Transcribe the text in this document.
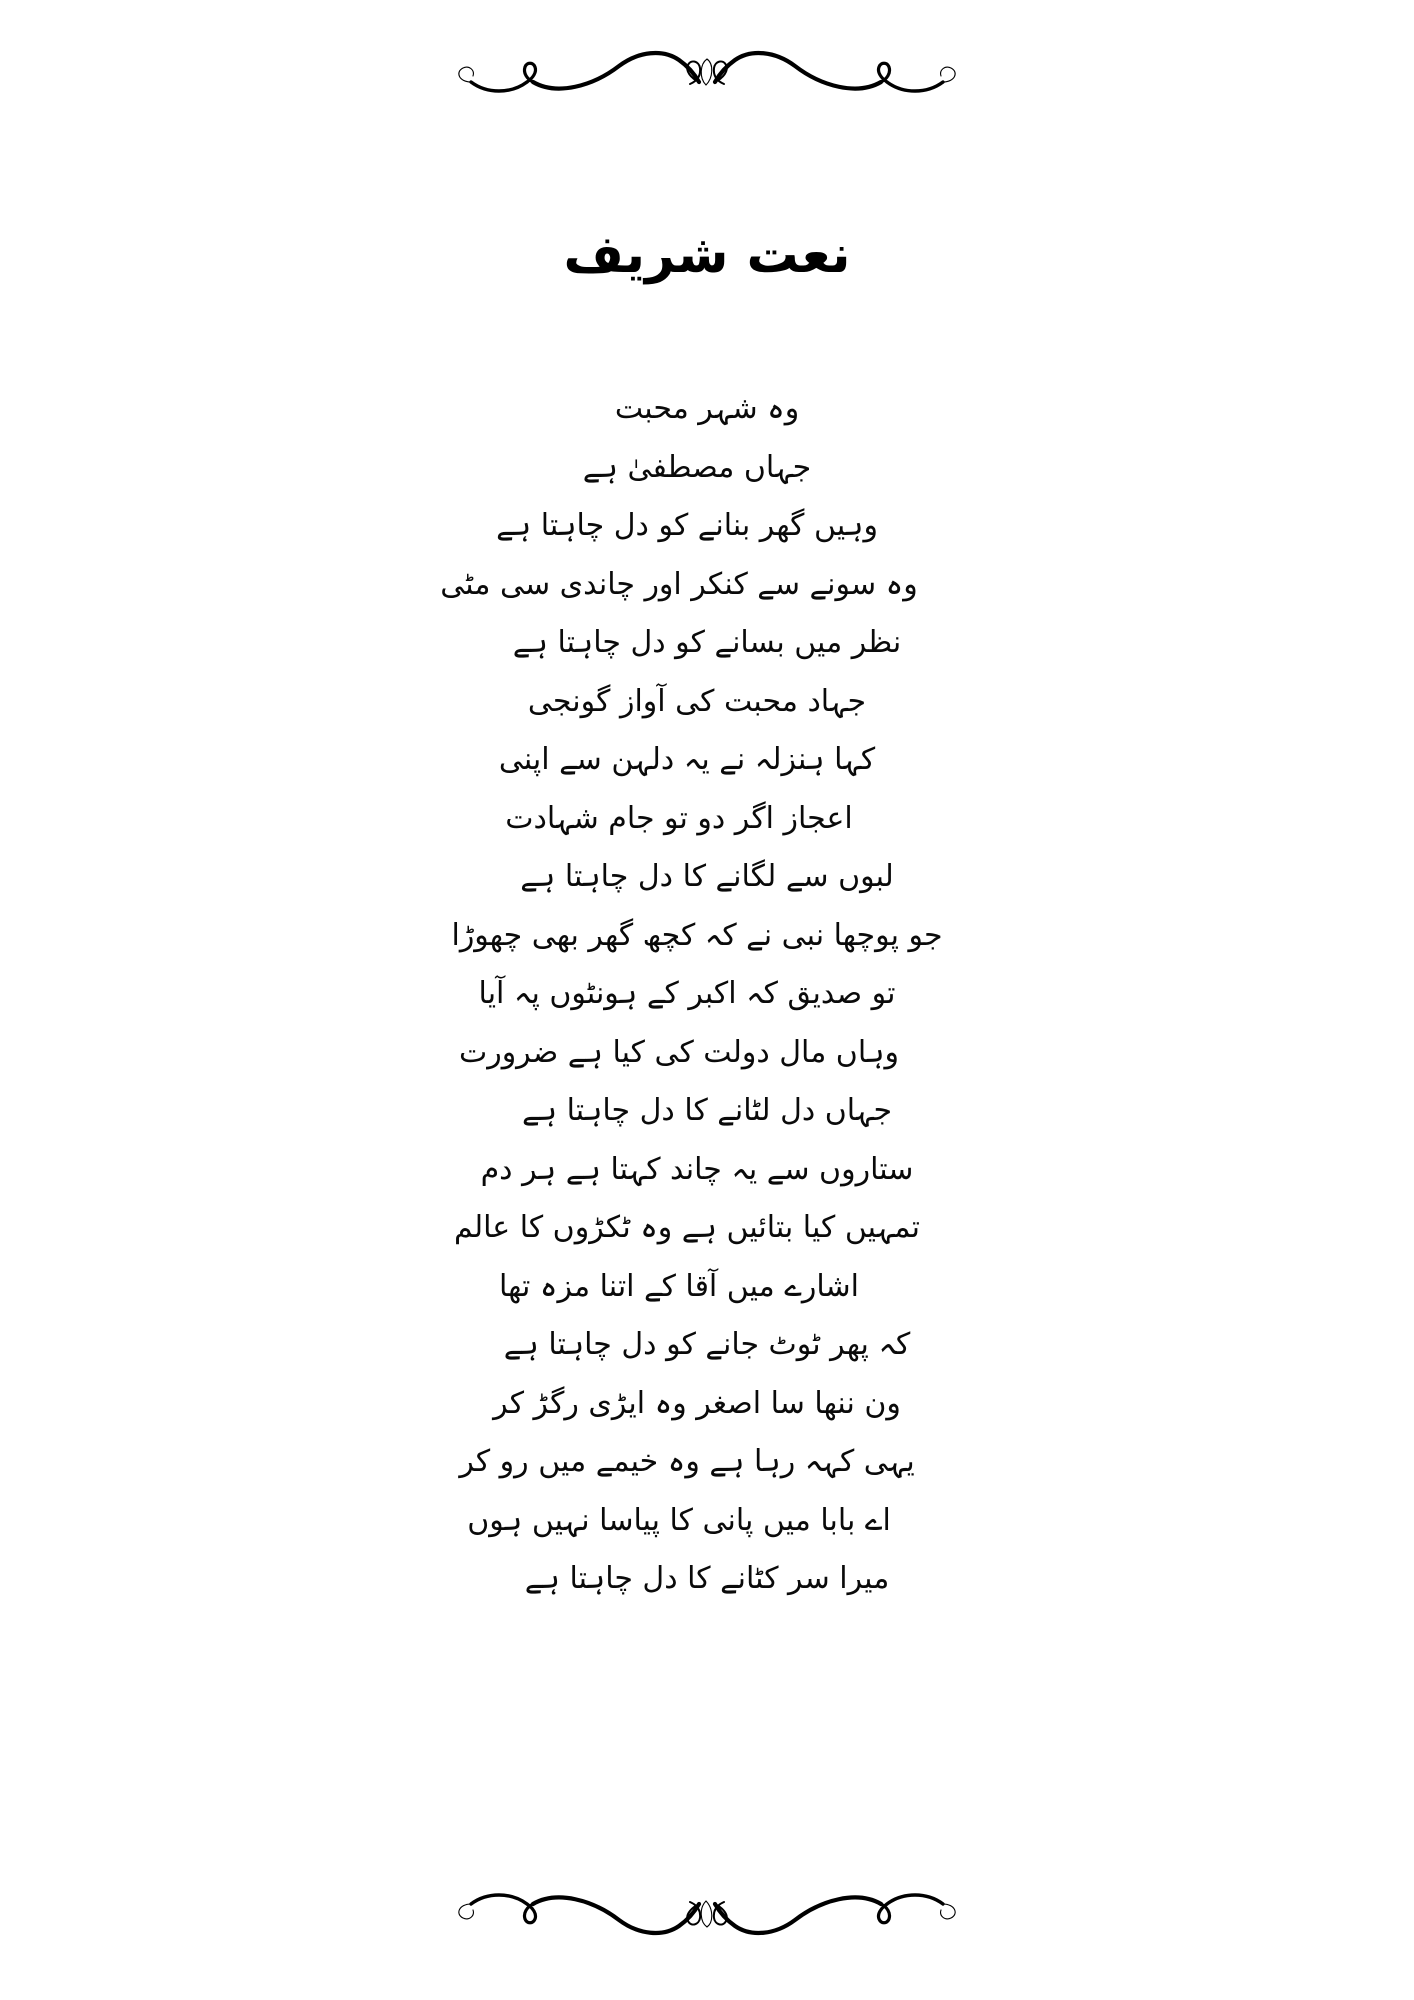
نعت شریف
وہ شہر محبت
جہاں مصطفیٰ ہے
وہیں گھر بنانے کو دل چاہتا ہے
وہ سونے سے کنکر اور چاندی سی مٹی
نظر میں بسانے کو دل چاہتا ہے
جہاد محبت کی آواز گونجی
کہا ہنزلہ نے یہ دلہن سے اپنی
اعجاز اگر دو تو جام شہادت
لبوں سے لگانے کا دل چاہتا ہے
جو پوچھا نبی نے کہ کچھ گھر بھی چھوڑا
تو صدیق کہ اکبر کے ہونٹوں پہ آیا
وہاں مال دولت کی کیا ہے ضرورت
جہاں دل لٹانے کا دل چاہتا ہے
ستاروں سے یہ چاند کہتا ہے ہر دم
تمہیں کیا بتائیں ہے وہ ٹکڑوں کا عالم
اشارے میں آقا کے اتنا مزہ تھا
کہ پھر ٹوٹ جانے کو دل چاہتا ہے
ون ننھا سا اصغر وہ ایڑی رگڑ کر
یہی کہہ رہا ہے وہ خیمے میں رو کر
اے بابا میں پانی کا پیاسا نہیں ہوں
میرا سر کٹانے کا دل چاہتا ہے
